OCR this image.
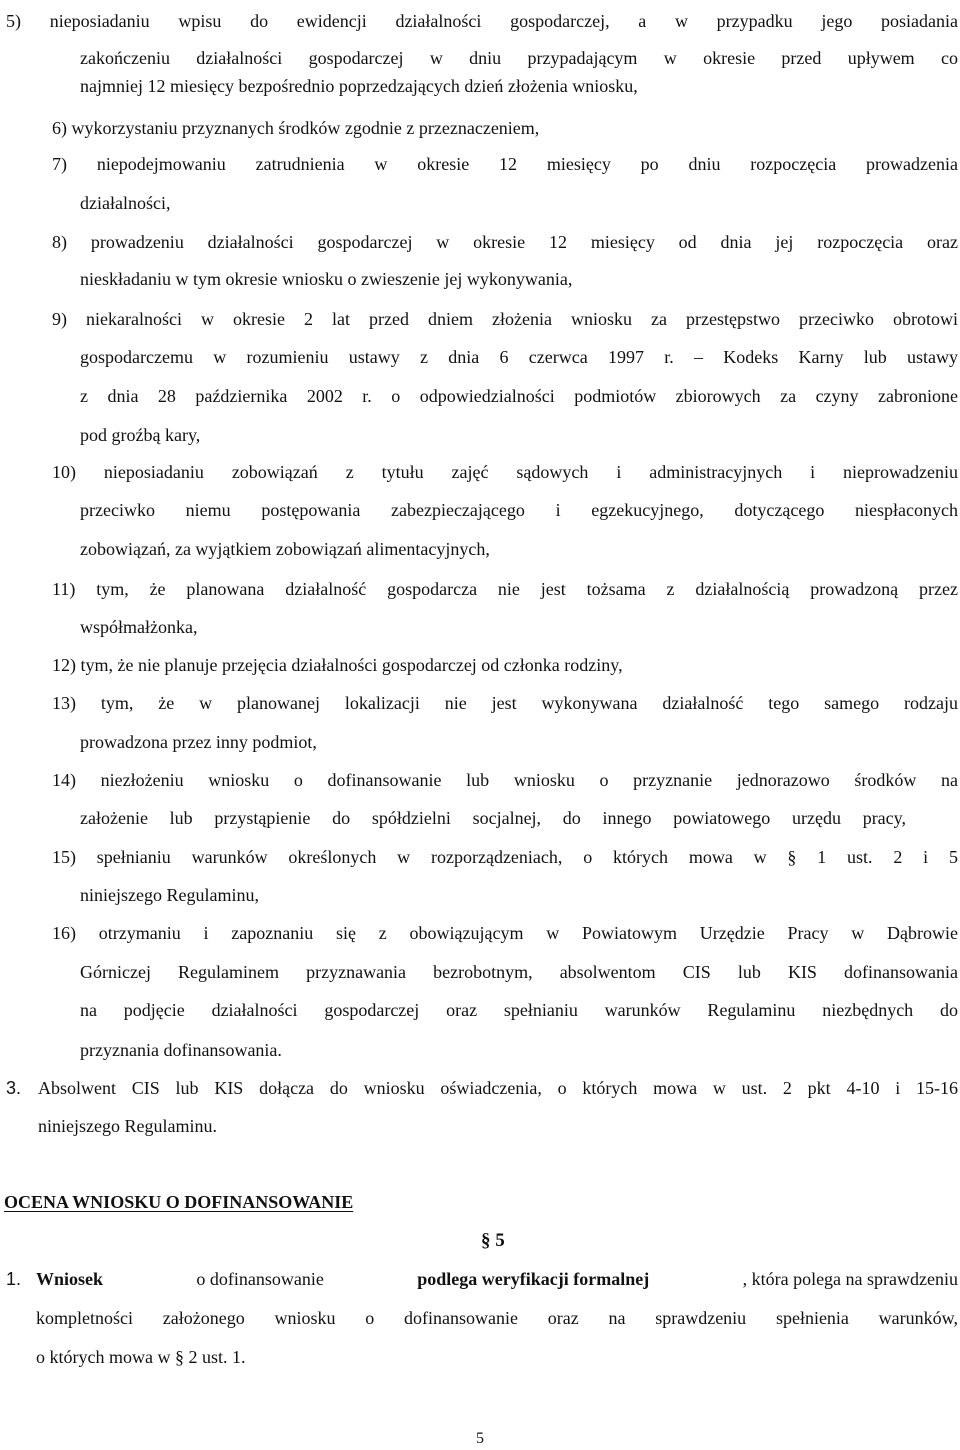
5) nieposiadaniu wpisu do ewidencji działalności gospodarczej, a w przypadku jego posiadania
zakończeniu działalności gospodarczej w dniu przypadającym w okresie przed upływem co
najmniej 12 miesięcy bezpośrednio poprzedzających dzień złożenia wniosku,
6) wykorzystaniu przyznanych środków zgodnie z przeznaczeniem,
7) niepodejmowaniu zatrudnienia w okresie 12 miesięcy po dniu rozpoczęcia prowadzenia
działalności,
8) prowadzeniu działalności gospodarczej w okresie 12 miesięcy od dnia jej rozpoczęcia oraz
nieskładaniu w tym okresie wniosku o zwieszenie jej wykonywania,
9) niekaralności w okresie 2 lat przed dniem złożenia wniosku za przestępstwo przeciwko obrotowi
gospodarczemu w rozumieniu ustawy z dnia 6 czerwca 1997 r. – Kodeks Karny lub ustawy
z dnia 28 października 2002 r. o odpowiedzialności podmiotów zbiorowych za czyny zabronione
pod groźbą kary,
10) nieposiadaniu zobowiązań z tytułu zajęć sądowych i administracyjnych i nieprowadzeniu
przeciwko niemu postępowania zabezpieczającego i egzekucyjnego, dotyczącego niespłaconych
zobowiązań, za wyjątkiem zobowiązań alimentacyjnych,
11) tym, że planowana działalność gospodarcza nie jest tożsama z działalnością prowadzoną przez
współmałżonka,
12) tym, że nie planuje przejęcia działalności gospodarczej od członka rodziny,
13) tym, że w planowanej lokalizacji nie jest wykonywana działalność tego samego rodzaju
prowadzona przez inny podmiot,
14) niezłożeniu wniosku o dofinansowanie lub wniosku o przyznanie jednorazowo środków na
założenie lub przystąpienie do spółdzielni socjalnej, do innego powiatowego urzędu pracy,
15) spełnianiu warunków określonych w rozporządzeniach, o których mowa w § 1 ust. 2 i 5
niniejszego Regulaminu,
16) otrzymaniu i zapoznaniu się z obowiązującym w Powiatowym Urzędzie Pracy w Dąbrowie
Górniczej Regulaminem przyznawania bezrobotnym, absolwentom CIS lub KIS dofinansowania
na podjęcie działalności gospodarczej oraz spełnianiu warunków Regulaminu niezbędnych do
przyznania dofinansowania.
3. Absolwent CIS lub KIS dołącza do wniosku oświadczenia, o których mowa w ust. 2 pkt 4-10 i 15-16
niniejszego Regulaminu.
OCENA WNIOSKU O DOFINANSOWANIE
§ 5
1. Wniosek	o dofinansowanie	podlega weryfikacji formalnej	, która polega na sprawdzeniu
kompletności założonego wniosku o dofinansowanie oraz na sprawdzeniu spełnienia warunków,
o których mowa w § 2 ust. 1.
5
